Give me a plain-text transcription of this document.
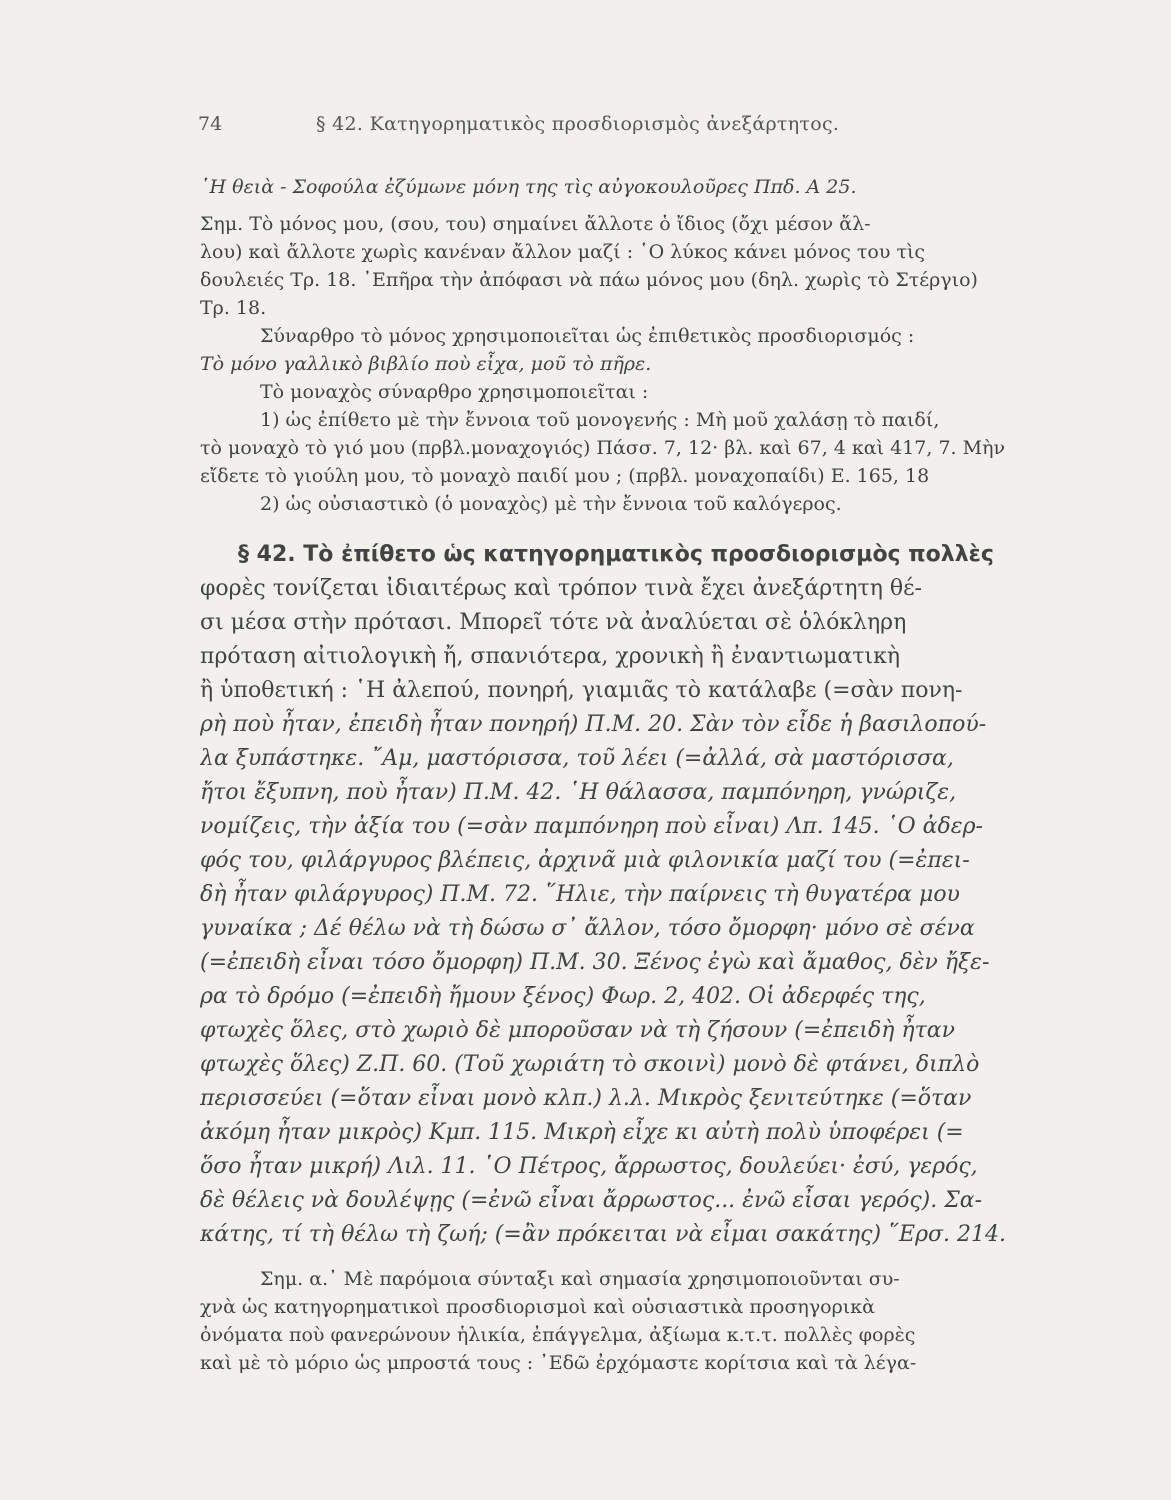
74	§ 42. Κατηγορηματικὸς προσδιορισμὸς ἀνεξάρτητος.
῾Η θειὰ - Σοφούλα ἐζύμωνε μόνη της τὶς αὐγοκουλοῦρες Ππδ. Α 25.
Σημ. Τὸ μόνος μου, (σου, του) σημαίνει ἄλλοτε ὁ ἴδιος (ὄχι μέσον ἄλ-
λου) καὶ ἄλλοτε χωρὶς κανέναν ἄλλον μαζί : ῾Ο λύκος κάνει μόνος του τὶς
δουλειές Τρ. 18. ᾿Επῆρα τὴν ἀπόφασι νὰ πάω μόνος μου (δηλ. χωρὶς τὸ Στέργιο)
Τρ. 18.
Σύναρθρο τὸ μόνος χρησιμοποιεῖται ὡς ἐπιθετικὸς προσδιορισμός :
Τὸ μόνο γαλλικὸ βιβλίο ποὺ εἶχα, μοῦ τὸ πῆρε.
Τὸ μοναχὸς σύναρθρο χρησιμοποιεῖται :
1) ὡς ἐπίθετο μὲ τὴν ἔννοια τοῦ μονογενής : Μὴ μοῦ χαλάσῃ τὸ παιδί,
τὸ μοναχὸ τὸ γιό μου (πρβλ.μοναχογιός) Πάσσ. 7, 12· βλ. καὶ 67, 4 καὶ 417, 7. Μὴν
εἴδετε τὸ γιούλη μου, τὸ μοναχὸ παιδί μου ; (πρβλ. μοναχοπαίδι) Ε. 165, 18
2) ὡς οὐσιαστικὸ (ὁ μοναχὸς) μὲ τὴν ἔννοια τοῦ καλόγερος.
§ 42. Τὸ ἐπίθετο ὡς κατηγορηματικὸς προσδιορισμὸς πολλὲς
φορὲς τονίζεται ἰδιαιτέρως καὶ τρόπον τινὰ ἔχει ἀνεξάρτητη θέ-
σι μέσα στὴν πρότασι. Μπορεῖ τότε νὰ ἀναλύεται σὲ ὁλόκληρη
πρόταση αἰτιολογικὴ ἤ, σπανιότερα, χρονικὴ ἢ ἐναντιωματικὴ
ἢ ὑποθετική : ῾Η ἀλεπού, πονηρή, γιαμιᾶς τὸ κατάλαβε (=σὰν πονη-
ρὴ ποὺ ἦταν, ἐπειδὴ ἦταν πονηρή) Π.Μ. 20. Σὰν τὸν εἶδε ἡ βασιλοπού-
λα ξυπάστηκε. ῎Αμ, μαστόρισσα, τοῦ λέει (=ἀλλά, σὰ μαστόρισσα,
ἤτοι ἔξυπνη, ποὺ ἦταν) Π.Μ. 42. ῾Η θάλασσα, παμπόνηρη, γνώριζε,
νομίζεις, τὴν ἀξία του (=σὰν παμπόνηρη ποὺ εἶναι) Λπ. 145. ῾Ο ἀδερ-
φός του, φιλάργυρος βλέπεις, ἀρχινᾶ μιὰ φιλονικία μαζί του (=ἐπει-
δὴ ἦταν φιλάργυρος) Π.Μ. 72. ῞Ηλιε, τὴν παίρνεις τὴ θυγατέρα μου
γυναίκα ; Δέ θέλω νὰ τὴ δώσω σ᾿ ἄλλον, τόσο ὄμορφη· μόνο σὲ σένα
(=ἐπειδὴ εἶναι τόσο ὄμορφη) Π.Μ. 30. Ξένος ἐγὼ καὶ ἄμαθος, δὲν ἤξε-
ρα τὸ δρόμο (=ἐπειδὴ ἤμουν ξένος) Φωρ. 2, 402. Οἱ ἀδερφές της,
φτωχὲς ὅλες, στὸ χωριὸ δὲ μποροῦσαν νὰ τὴ ζήσουν (=ἐπειδὴ ἦταν
φτωχὲς ὅλες) Ζ.Π. 60. (Τοῦ χωριάτη τὸ σκοινὶ) μονὸ δὲ φτάνει, διπλὸ
περισσεύει (=ὅταν εἶναι μονὸ κλπ.) λ.λ. Μικρὸς ξενιτεύτηκε (=ὅταν
ἀκόμη ἦταν μικρὸς) Κμπ. 115. Μικρὴ εἶχε κι αὐτὴ πολὺ ὑποφέρει (=
ὅσο ἦταν μικρή) Λιλ. 11. ῾Ο Πέτρος, ἄρρωστος, δουλεύει· ἐσύ, γερός,
δὲ θέλεις νὰ δουλέψῃς (=ἐνῶ εἶναι ἄρρωστος... ἐνῶ εἶσαι γερός). Σα-
κάτης, τί τὴ θέλω τὴ ζωή; (=ἂν πρόκειται νὰ εἶμαι σακάτης) ῞Ερσ. 214.
Σημ. α.᾿ Μὲ παρόμοια σύνταξι καὶ σημασία χρησιμοποιοῦνται συ-
χνὰ ὡς κατηγορηματικοὶ προσδιορισμοὶ καὶ οὐσιαστικὰ προσηγορικὰ
ὀνόματα ποὺ φανερώνουν ἡλικία, ἐπάγγελμα, ἀξίωμα κ.τ.τ. πολλὲς φορὲς
καὶ μὲ τὸ μόριο ὡς μπροστά τους : ᾿Εδῶ ἐρχόμαστε κορίτσια καὶ τὰ λέγα-
